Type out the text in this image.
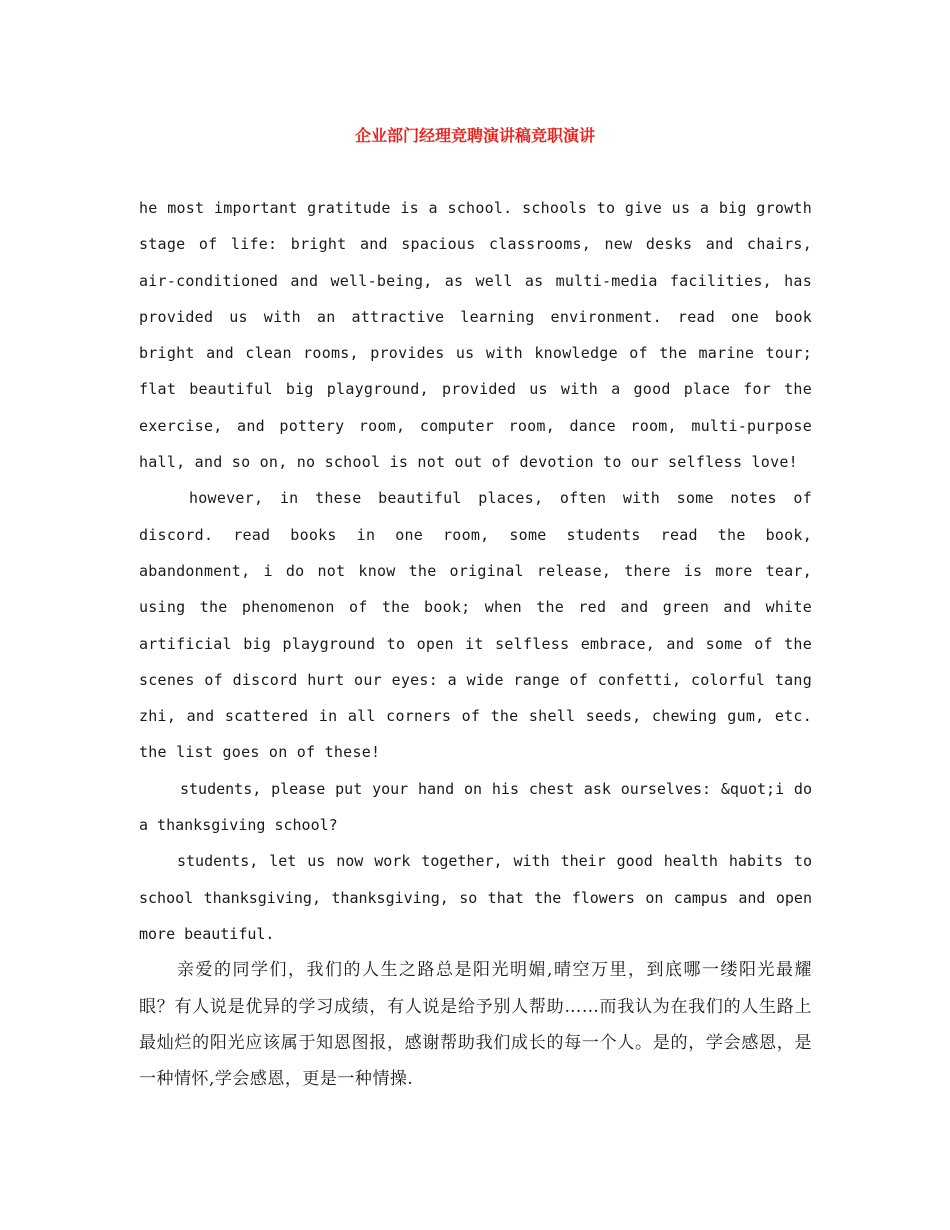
企业部门经理竞聘演讲稿竞职演讲

he most important gratitude is a school. schools to give us a big growth stage of life: bright and spacious classrooms, new desks and chairs, air-conditioned and well-being, as well as multi-media facilities, has provided us with an attractive learning environment. read one book bright and clean rooms, provides us with knowledge of the marine tour; flat beautiful big playground, provided us with a good place for the exercise, and pottery room, computer room, dance room, multi-purpose hall, and so on, no school is not out of devotion to our selfless love!

however, in these beautiful places, often with some notes of discord. read books in one room, some students read the book, abandonment, i do not know the original release, there is more tear, using the phenomenon of the book; when the red and green and white artificial big playground to open it selfless embrace, and some of the scenes of discord hurt our eyes: a wide range of confetti, colorful tang zhi, and scattered in all corners of the shell seeds, chewing gum, etc. the list goes on of these!

students, please put your hand on his chest ask ourselves: &quot;i do a thanksgiving school?

students, let us now work together, with their good health habits to school thanksgiving, thanksgiving, so that the flowers on campus and open more beautiful.

亲爱的同学们，我们的人生之路总是阳光明媚,晴空万里，到底哪一缕阳光最耀眼？有人说是优异的学习成绩，有人说是给予别人帮助……而我认为在我们的人生路上最灿烂的阳光应该属于知恩图报，感谢帮助我们成长的每一个人。是的，学会感恩，是一种情怀,学会感恩，更是一种情操.
